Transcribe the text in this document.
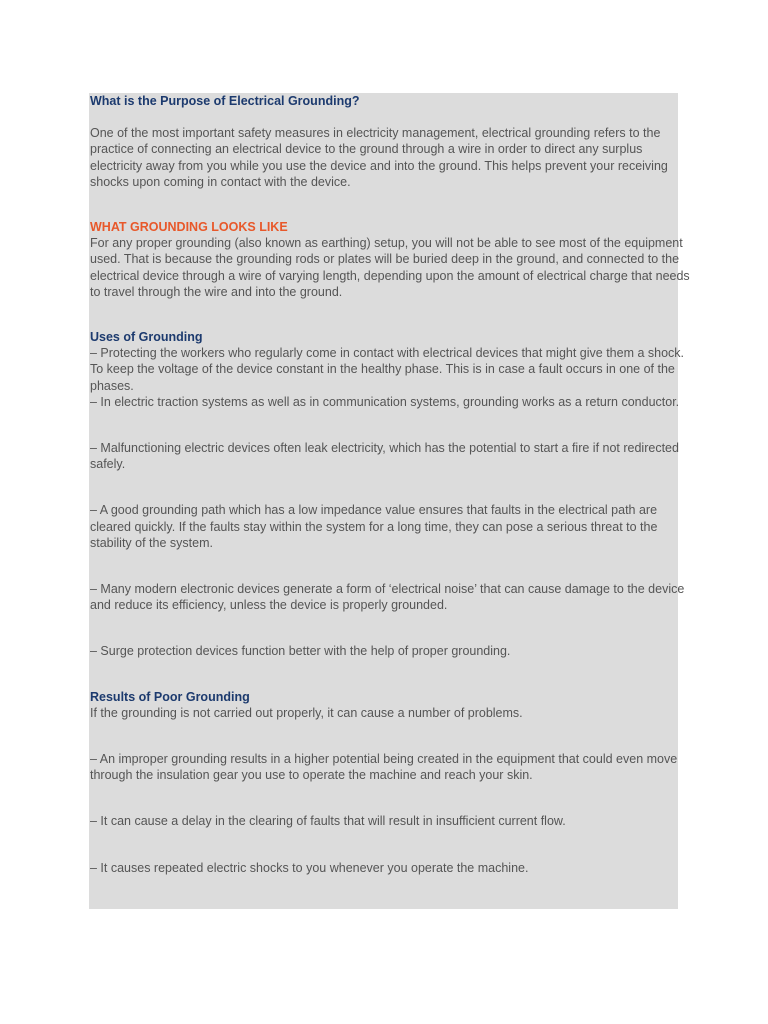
What is the Purpose of Electrical Grounding?

One of the most important safety measures in electricity management, electrical grounding refers to the practice of connecting an electrical device to the ground through a wire in order to direct any surplus electricity away from you while you use the device and into the ground. This helps prevent your receiving shocks upon coming in contact with the device.

WHAT GROUNDING LOOKS LIKE

For any proper grounding (also known as earthing) setup, you will not be able to see most of the equipment used. That is because the grounding rods or plates will be buried deep in the ground, and connected to the electrical device through a wire of varying length, depending upon the amount of electrical charge that needs to travel through the wire and into the ground.

Uses of Grounding

– Protecting the workers who regularly come in contact with electrical devices that might give them a shock.

To keep the voltage of the device constant in the healthy phase. This is in case a fault occurs in one of the phases.

– In electric traction systems as well as in communication systems, grounding works as a return conductor.

– Malfunctioning electric devices often leak electricity, which has the potential to start a fire if not redirected safely.

– A good grounding path which has a low impedance value ensures that faults in the electrical path are cleared quickly. If the faults stay within the system for a long time, they can pose a serious threat to the stability of the system.

– Many modern electronic devices generate a form of ‘electrical noise’ that can cause damage to the device and reduce its efficiency, unless the device is properly grounded.

– Surge protection devices function better with the help of proper grounding.

Results of Poor Grounding

If the grounding is not carried out properly, it can cause a number of problems.

– An improper grounding results in a higher potential being created in the equipment that could even move through the insulation gear you use to operate the machine and reach your skin.

– It can cause a delay in the clearing of faults that will result in insufficient current flow.

– It causes repeated electric shocks to you whenever you operate the machine.
